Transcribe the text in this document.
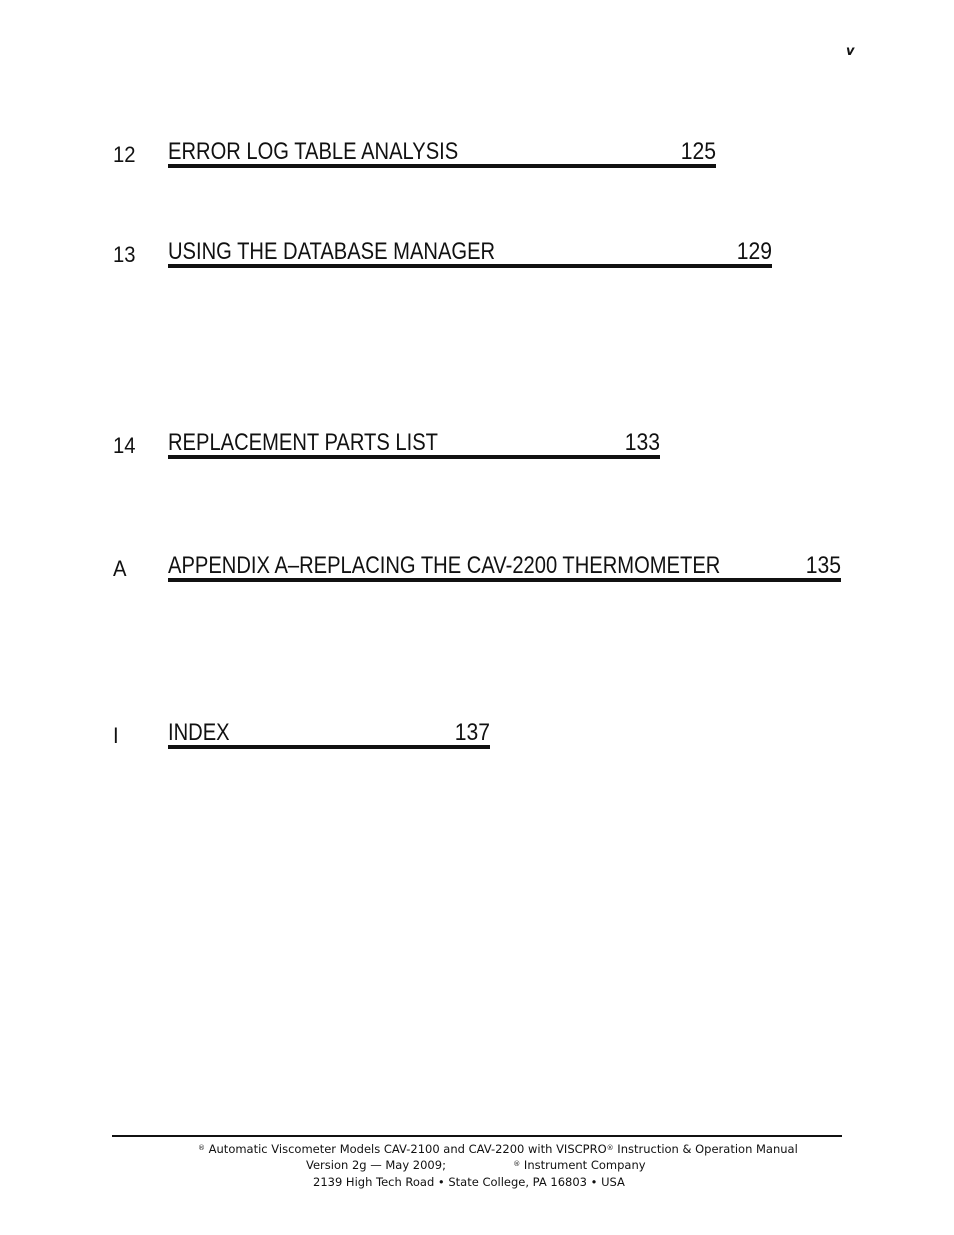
v
12 ERROR LOG TABLE ANALYSIS	125
13 USING THE DATABASE MANAGER	129
14 REPLACEMENT PARTS LIST	133
A APPENDIX A–REPLACING THE CAV-2200 THERMOMETER	135
I INDEX	137
® Automatic Viscometer Models CAV-2100 and CAV-2200 with VISCPRO® Instruction & Operation Manual
Version 2g — May 2009;	® Instrument Company
2139 High Tech Road • State College, PA 16803 • USA
